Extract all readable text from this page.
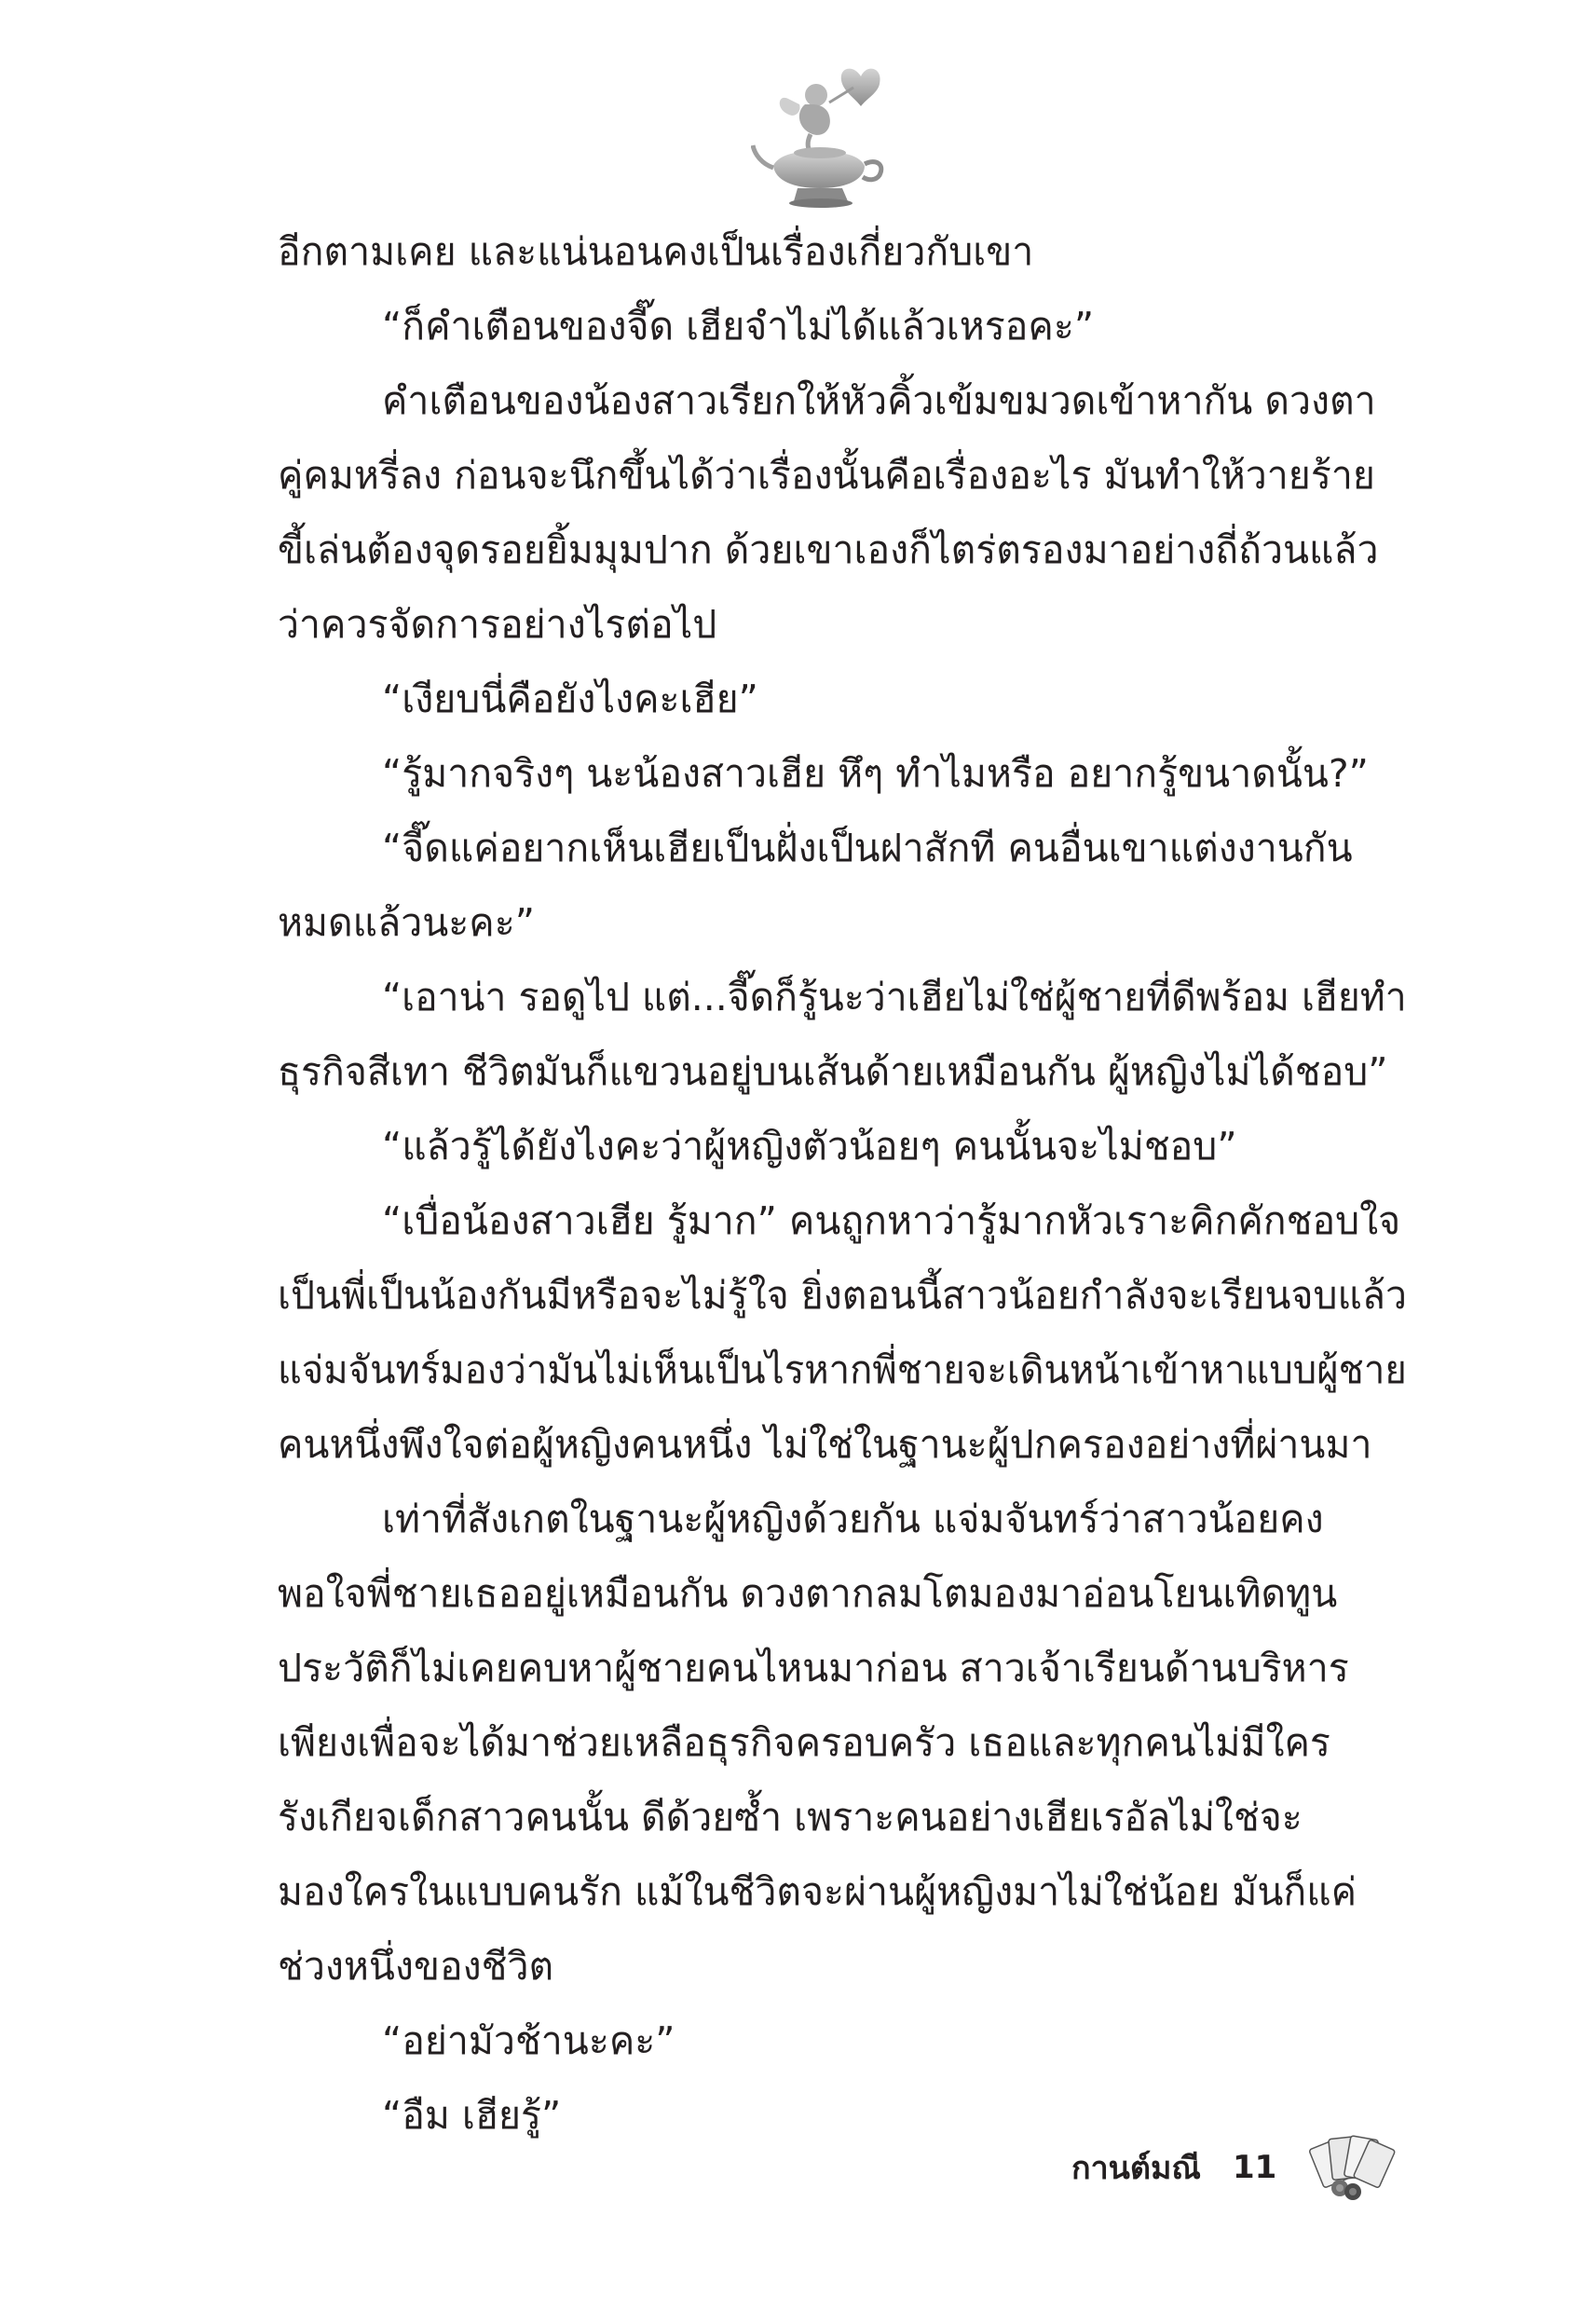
อีกตามเคย และแน่นอนคงเป็นเรื่องเกี่ยวกับเขา
“ก็คำเตือนของจี๊ด เฮียจำไม่ได้แล้วเหรอคะ”
คำเตือนของน้องสาวเรียกให้หัวคิ้วเข้มขมวดเข้าหากัน ดวงตา
คู่คมหรี่ลง ก่อนจะนึกขึ้นได้ว่าเรื่องนั้นคือเรื่องอะไร มันทำให้วายร้าย
ขี้เล่นต้องจุดรอยยิ้มมุมปาก ด้วยเขาเองก็ไตร่ตรองมาอย่างถี่ถ้วนแล้ว
ว่าควรจัดการอย่างไรต่อไป
“เงียบนี่คือยังไงคะเฮีย”
“รู้มากจริงๆ นะน้องสาวเฮีย หึๆ ทำไมหรือ อยากรู้ขนาดนั้น?”
“จี๊ดแค่อยากเห็นเฮียเป็นฝั่งเป็นฝาสักที คนอื่นเขาแต่งงานกัน
หมดแล้วนะคะ”
“เอาน่า รอดูไป แต่...จี๊ดก็รู้นะว่าเฮียไม่ใช่ผู้ชายที่ดีพร้อม เฮียทำ
ธุรกิจสีเทา ชีวิตมันก็แขวนอยู่บนเส้นด้ายเหมือนกัน ผู้หญิงไม่ได้ชอบ”
“แล้วรู้ได้ยังไงคะว่าผู้หญิงตัวน้อยๆ คนนั้นจะไม่ชอบ”
“เบื่อน้องสาวเฮีย รู้มาก” คนถูกหาว่ารู้มากหัวเราะคิกคักชอบใจ
เป็นพี่เป็นน้องกันมีหรือจะไม่รู้ใจ ยิ่งตอนนี้สาวน้อยกำลังจะเรียนจบแล้ว
แจ่มจันทร์มองว่ามันไม่เห็นเป็นไรหากพี่ชายจะเดินหน้าเข้าหาแบบผู้ชาย
คนหนึ่งพึงใจต่อผู้หญิงคนหนึ่ง ไม่ใช่ในฐานะผู้ปกครองอย่างที่ผ่านมา
เท่าที่สังเกตในฐานะผู้หญิงด้วยกัน แจ่มจันทร์ว่าสาวน้อยคง
พอใจพี่ชายเธออยู่เหมือนกัน ดวงตากลมโตมองมาอ่อนโยนเทิดทูน
ประวัติก็ไม่เคยคบหาผู้ชายคนไหนมาก่อน สาวเจ้าเรียนด้านบริหาร
เพียงเพื่อจะได้มาช่วยเหลือธุรกิจครอบครัว เธอและทุกคนไม่มีใคร
รังเกียจเด็กสาวคนนั้น ดีด้วยซ้ำ เพราะคนอย่างเฮียเรอัลไม่ใช่จะ
มองใครในแบบคนรัก แม้ในชีวิตจะผ่านผู้หญิงมาไม่ใช่น้อย มันก็แค่
ช่วงหนึ่งของชีวิต
“อย่ามัวช้านะคะ”
“อืม เฮียรู้”
กานต์มณี 11
